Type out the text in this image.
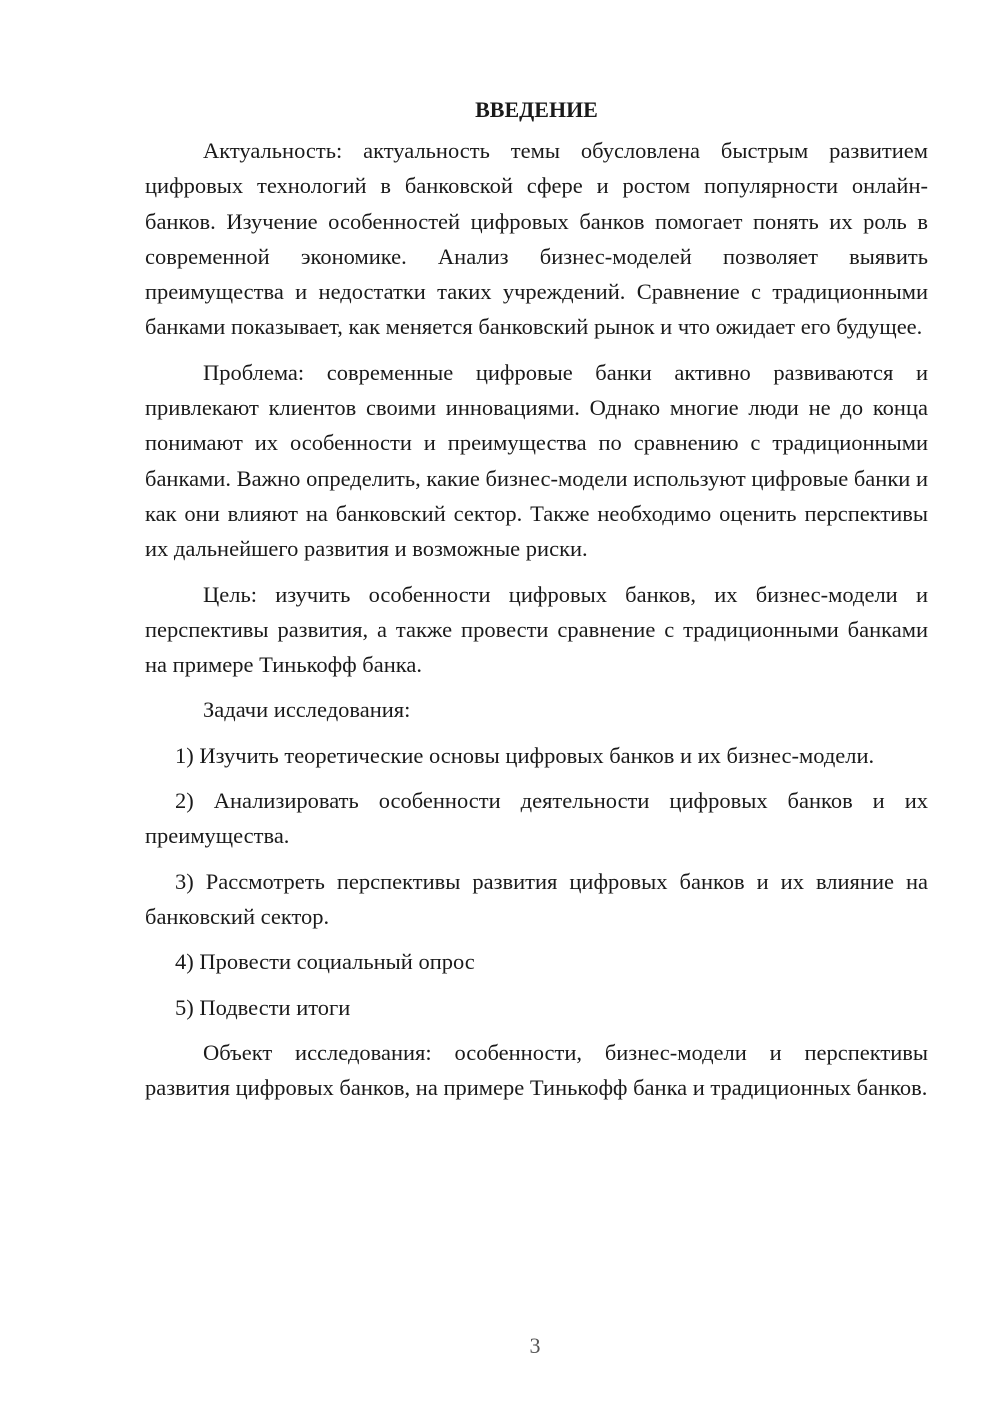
ВВЕДЕНИЕ

Актуальность: актуальность темы обусловлена быстрым развитием цифровых технологий в банковской сфере и ростом популярности онлайн-банков. Изучение особенностей цифровых банков помогает понять их роль в современной экономике. Анализ бизнес-моделей позволяет выявить преимущества и недостатки таких учреждений. Сравнение с традиционными банками показывает, как меняется банковский рынок и что ожидает его будущее.

Проблема: современные цифровые банки активно развиваются и привлекают клиентов своими инновациями. Однако многие люди не до конца понимают их особенности и преимущества по сравнению с традиционными банками. Важно определить, какие бизнес-модели используют цифровые банки и как они влияют на банковский сектор. Также необходимо оценить перспективы их дальнейшего развития и возможные риски.

Цель: изучить особенности цифровых банков, их бизнес-модели и перспективы развития, а также провести сравнение с традиционными банками на примере Тинькофф банка.

Задачи исследования:

1) Изучить теоретические основы цифровых банков и их бизнес-модели.

2) Анализировать особенности деятельности цифровых банков и их преимущества.

3) Рассмотреть перспективы развития цифровых банков и их влияние на банковский сектор.

4) Провести социальный опрос

5) Подвести итоги

Объект исследования: особенности, бизнес-модели и перспективы развития цифровых банков, на примере Тинькофф банка и традиционных банков.

3
